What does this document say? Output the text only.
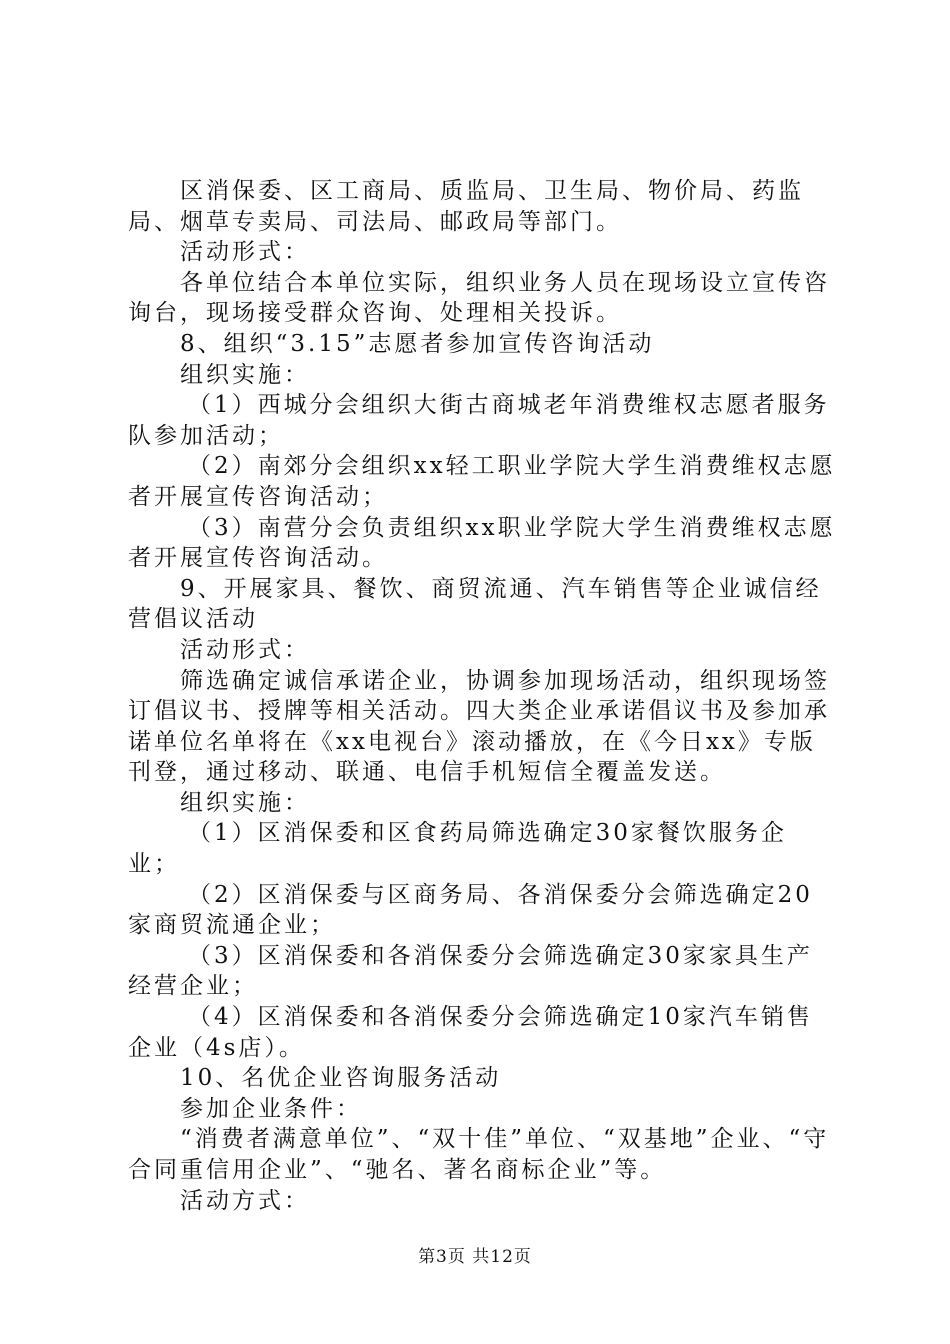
区消保委、区工商局、质监局、卫生局、物价局、药监局、烟草专卖局、司法局、邮政局等部门。

活动形式：

各单位结合本单位实际，组织业务人员在现场设立宣传咨询台，现场接受群众咨询、处理相关投诉。

8、组织“3.15”志愿者参加宣传咨询活动

组织实施：

（1）西城分会组织大街古商城老年消费维权志愿者服务队参加活动；

（2）南郊分会组织xx轻工职业学院大学生消费维权志愿者开展宣传咨询活动；

（3）南营分会负责组织xx职业学院大学生消费维权志愿者开展宣传咨询活动。

9、开展家具、餐饮、商贸流通、汽车销售等企业诚信经营倡议活动

活动形式：

筛选确定诚信承诺企业，协调参加现场活动，组织现场签订倡议书、授牌等相关活动。四大类企业承诺倡议书及参加承诺单位名单将在《xx电视台》滚动播放，在《今日xx》专版刊登，通过移动、联通、电信手机短信全覆盖发送。

组织实施：

（1）区消保委和区食药局筛选确定30家餐饮服务企业；

（2）区消保委与区商务局、各消保委分会筛选确定20家商贸流通企业；

（3）区消保委和各消保委分会筛选确定30家家具生产经营企业；

（4）区消保委和各消保委分会筛选确定10家汽车销售企业（4s店）。

10、名优企业咨询服务活动

参加企业条件：

“消费者满意单位”、“双十佳”单位、“双基地”企业、“守合同重信用企业”、“驰名、著名商标企业”等。

活动方式：

第3页 共12页
